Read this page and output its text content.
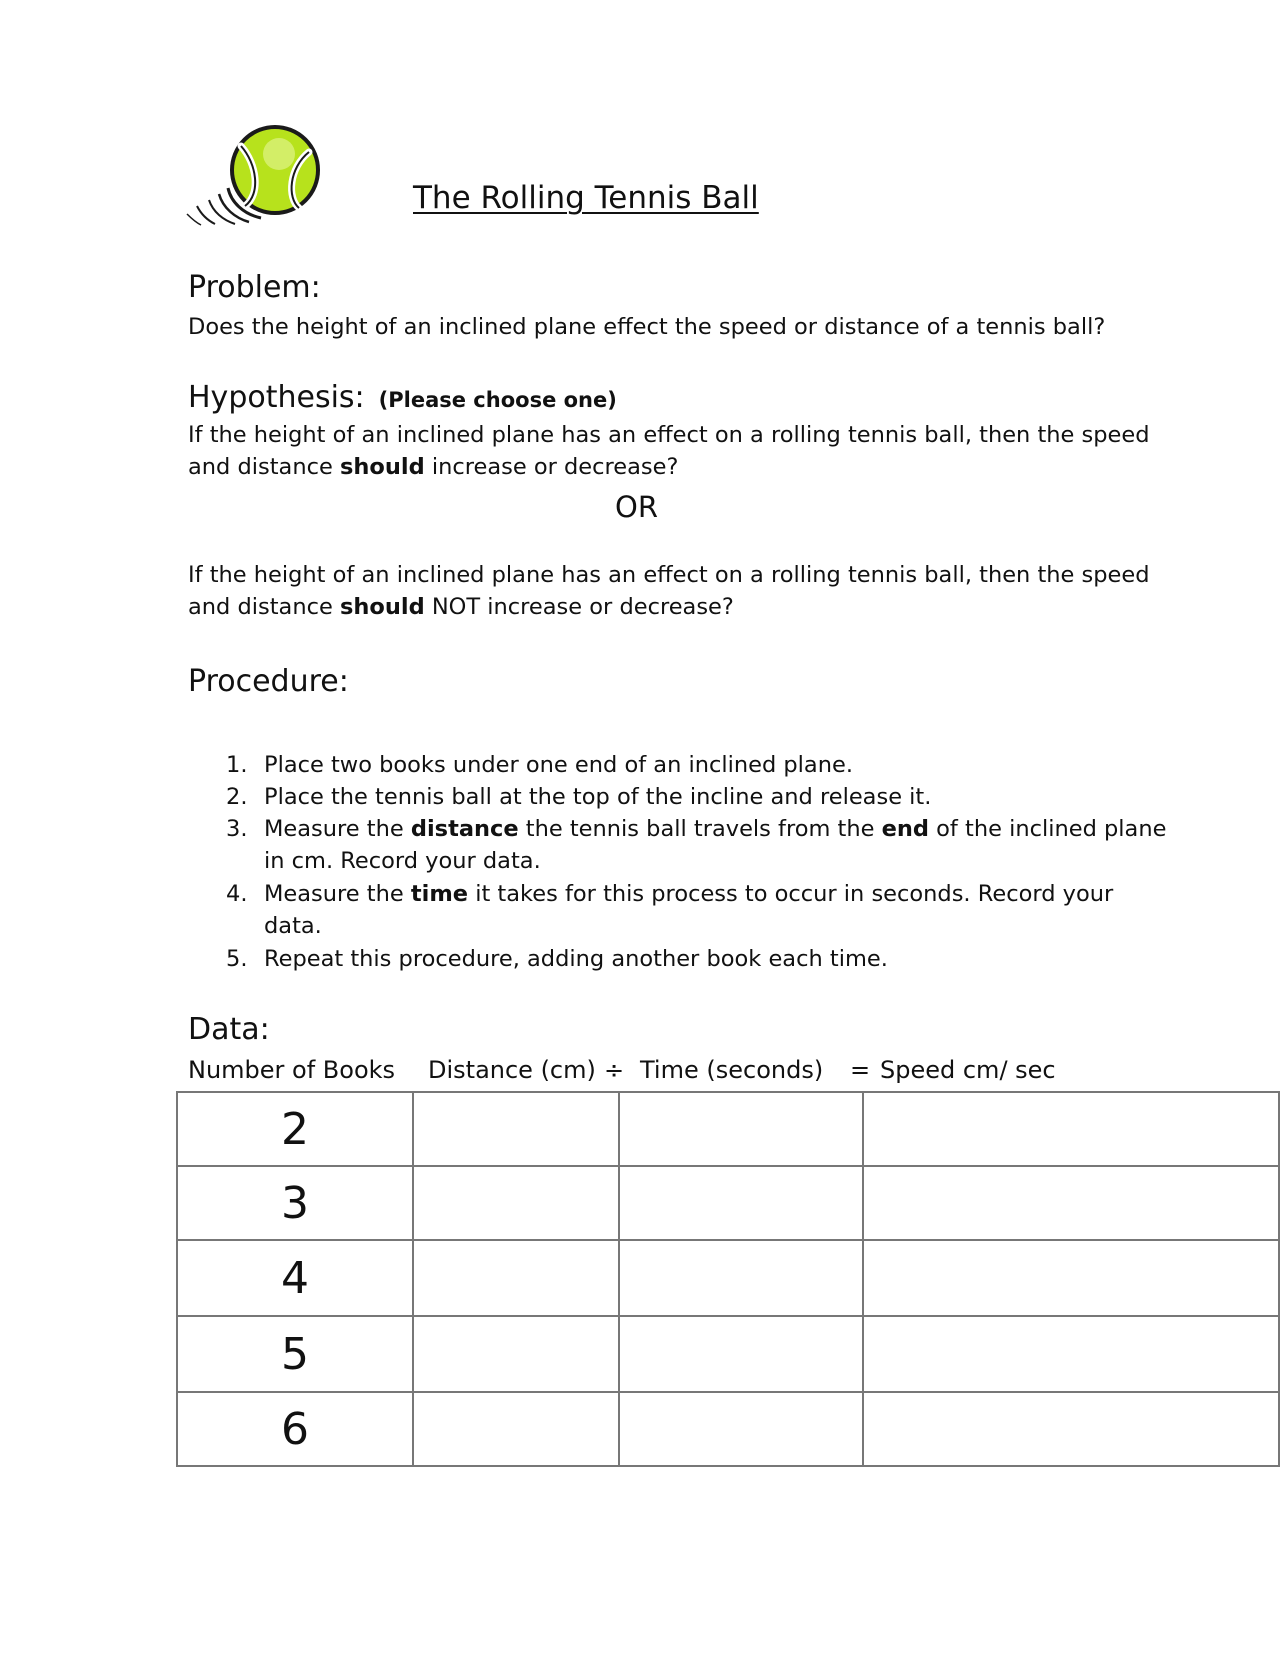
The Rolling Tennis Ball
Problem:
Does the height of an inclined plane effect the speed or distance of a tennis ball?
Hypothesis: (Please choose one)
If the height of an inclined plane has an effect on a rolling tennis ball, then the speed
and distance should increase or decrease?
OR
If the height of an inclined plane has an effect on a rolling tennis ball, then the speed
and distance should NOT increase or decrease?
Procedure:
1. Place two books under one end of an inclined plane.
2. Place the tennis ball at the top of the incline and release it.
3. Measure the distance the tennis ball travels from the end of the inclined plane
in cm. Record your data.
4. Measure the time it takes for this process to occur in seconds. Record your
data.
5. Repeat this procedure, adding another book each time.
Data:
Number of Books Distance (cm) ÷ Time (seconds) = Speed cm/ sec
2			
3			
4			
5			
6			
